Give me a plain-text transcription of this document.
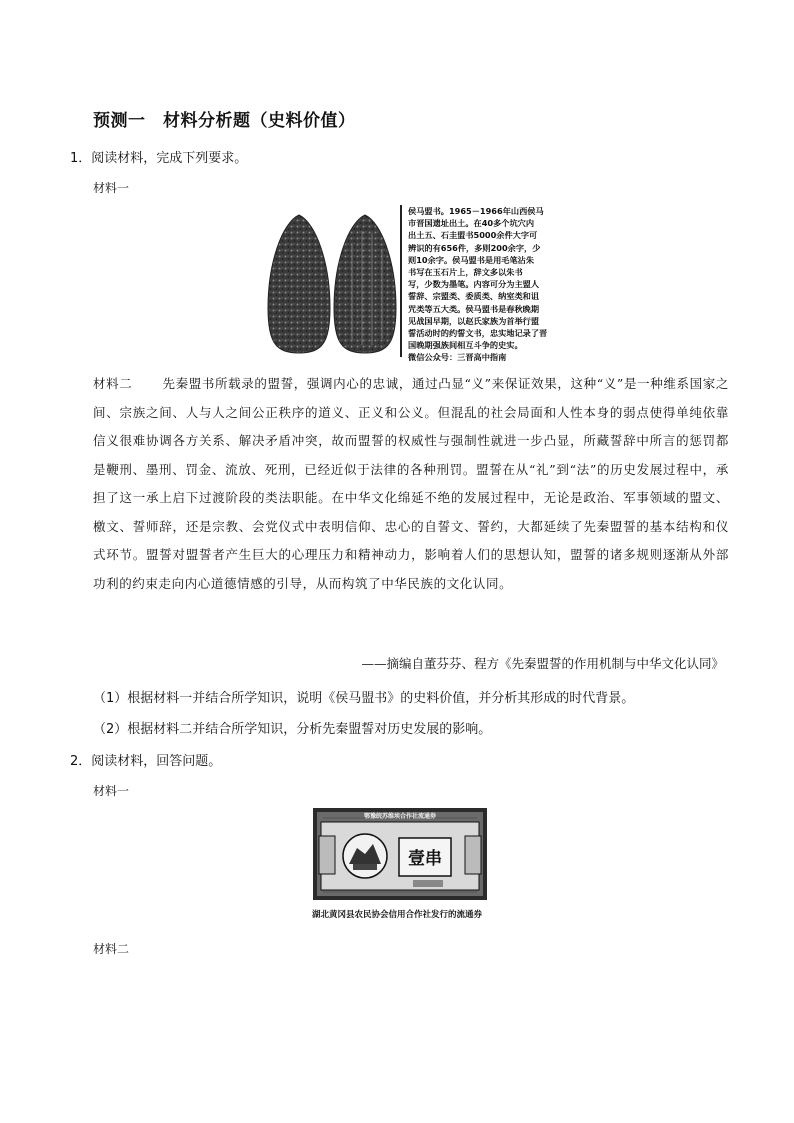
预测一　材料分析题（史料价值）
1．阅读材料，完成下列要求。
材料一
侯马盟书。1965－1966年山西侯马
市晋国遗址出土。在40多个坑穴内
出土五、石圭盟书5000余件大字可
辨识的有656件，多则200余字，少
则10余字。侯马盟书是用毛笔沾朱
书写在玉石片上，辞文多以朱书
写，少数为墨笔。内容可分为主盟人
誓辞、宗盟类、委质类、纳室类和诅
咒类等五大类。侯马盟书是春秋晚期
见战国早期，以赵氏家族为首举行盟
誓活动时的约誓文书，忠实地记录了晋
国晚期强族间相互斗争的史实。
微信公众号：三晋高中指南
材料二 先秦盟书所载录的盟誓，强调内心的忠诚，通过凸显“义”来保证效果，这种“义”是一种维系国家之间、宗族之间、人与人之间公正秩序的道义、正义和公义。但混乱的社会局面和人性本身的弱点使得单纯依靠信义很难协调各方关系、解决矛盾冲突，故而盟誓的权威性与强制性就进一步凸显，所藏誓辞中所言的惩罚都是鞭刑、墨刑、罚金、流放、死刑，已经近似于法律的各种刑罚。盟誓在从“礼”到“法”的历史发展过程中，承担了这一承上启下过渡阶段的类法职能。在中华文化绵延不绝的发展过程中，无论是政治、军事领域的盟文、檄文、誓师辞，还是宗教、会党仪式中表明信仰、忠心的自誓文、誓约，大都延续了先秦盟誓的基本结构和仪式环节。盟誓对盟誓者产生巨大的心理压力和精神动力，影响着人们的思想认知，盟誓的诸多规则逐渐从外部功利的约束走向内心道德情感的引导，从而构筑了中华民族的文化认同。
——摘编自董芬芬、程方《先秦盟誓的作用机制与中华文化认同》
（1）根据材料一并结合所学知识，说明《侯马盟书》的史料价值，并分析其形成的时代背景。
（2）根据材料二并结合所学知识，分析先秦盟誓对历史发展的影响。
2．阅读材料，回答问题。
材料一
鄂豫皖苏维埃合作社流通券
壹串
湖北黄冈县农民协会信用合作社发行的流通券
材料二
